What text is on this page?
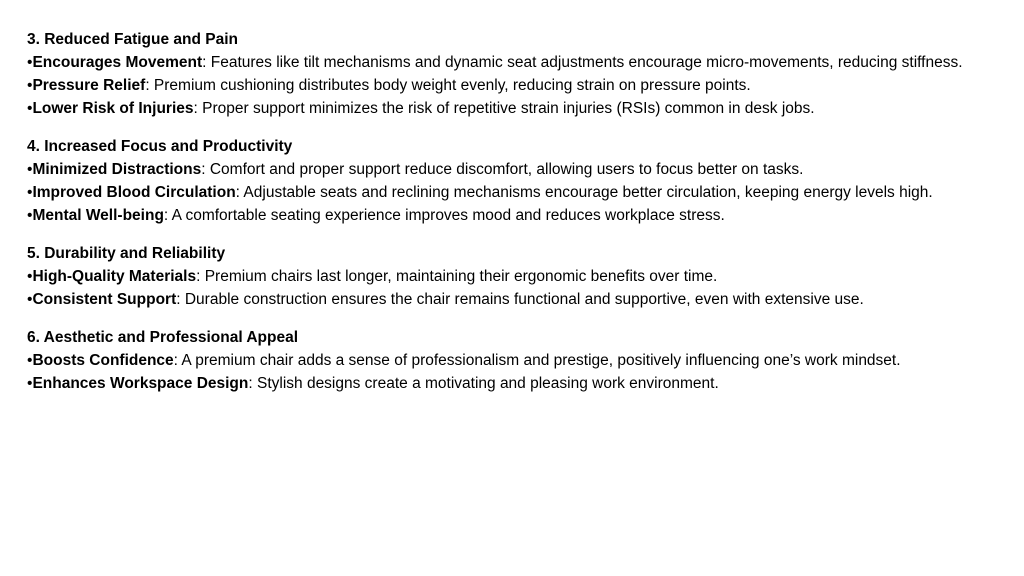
3. Reduced Fatigue and Pain

•Encourages Movement: Features like tilt mechanisms and dynamic seat adjustments encourage micro-movements, reducing stiffness.

•Pressure Relief: Premium cushioning distributes body weight evenly, reducing strain on pressure points.

•Lower Risk of Injuries: Proper support minimizes the risk of repetitive strain injuries (RSIs) common in desk jobs.

4. Increased Focus and Productivity

•Minimized Distractions: Comfort and proper support reduce discomfort, allowing users to focus better on tasks.

•Improved Blood Circulation: Adjustable seats and reclining mechanisms encourage better circulation, keeping energy levels high.

•Mental Well-being: A comfortable seating experience improves mood and reduces workplace stress.

5. Durability and Reliability

•High-Quality Materials: Premium chairs last longer, maintaining their ergonomic benefits over time.

•Consistent Support: Durable construction ensures the chair remains functional and supportive, even with extensive use.

6. Aesthetic and Professional Appeal

•Boosts Confidence: A premium chair adds a sense of professionalism and prestige, positively influencing one’s work mindset.

•Enhances Workspace Design: Stylish designs create a motivating and pleasing work environment.
